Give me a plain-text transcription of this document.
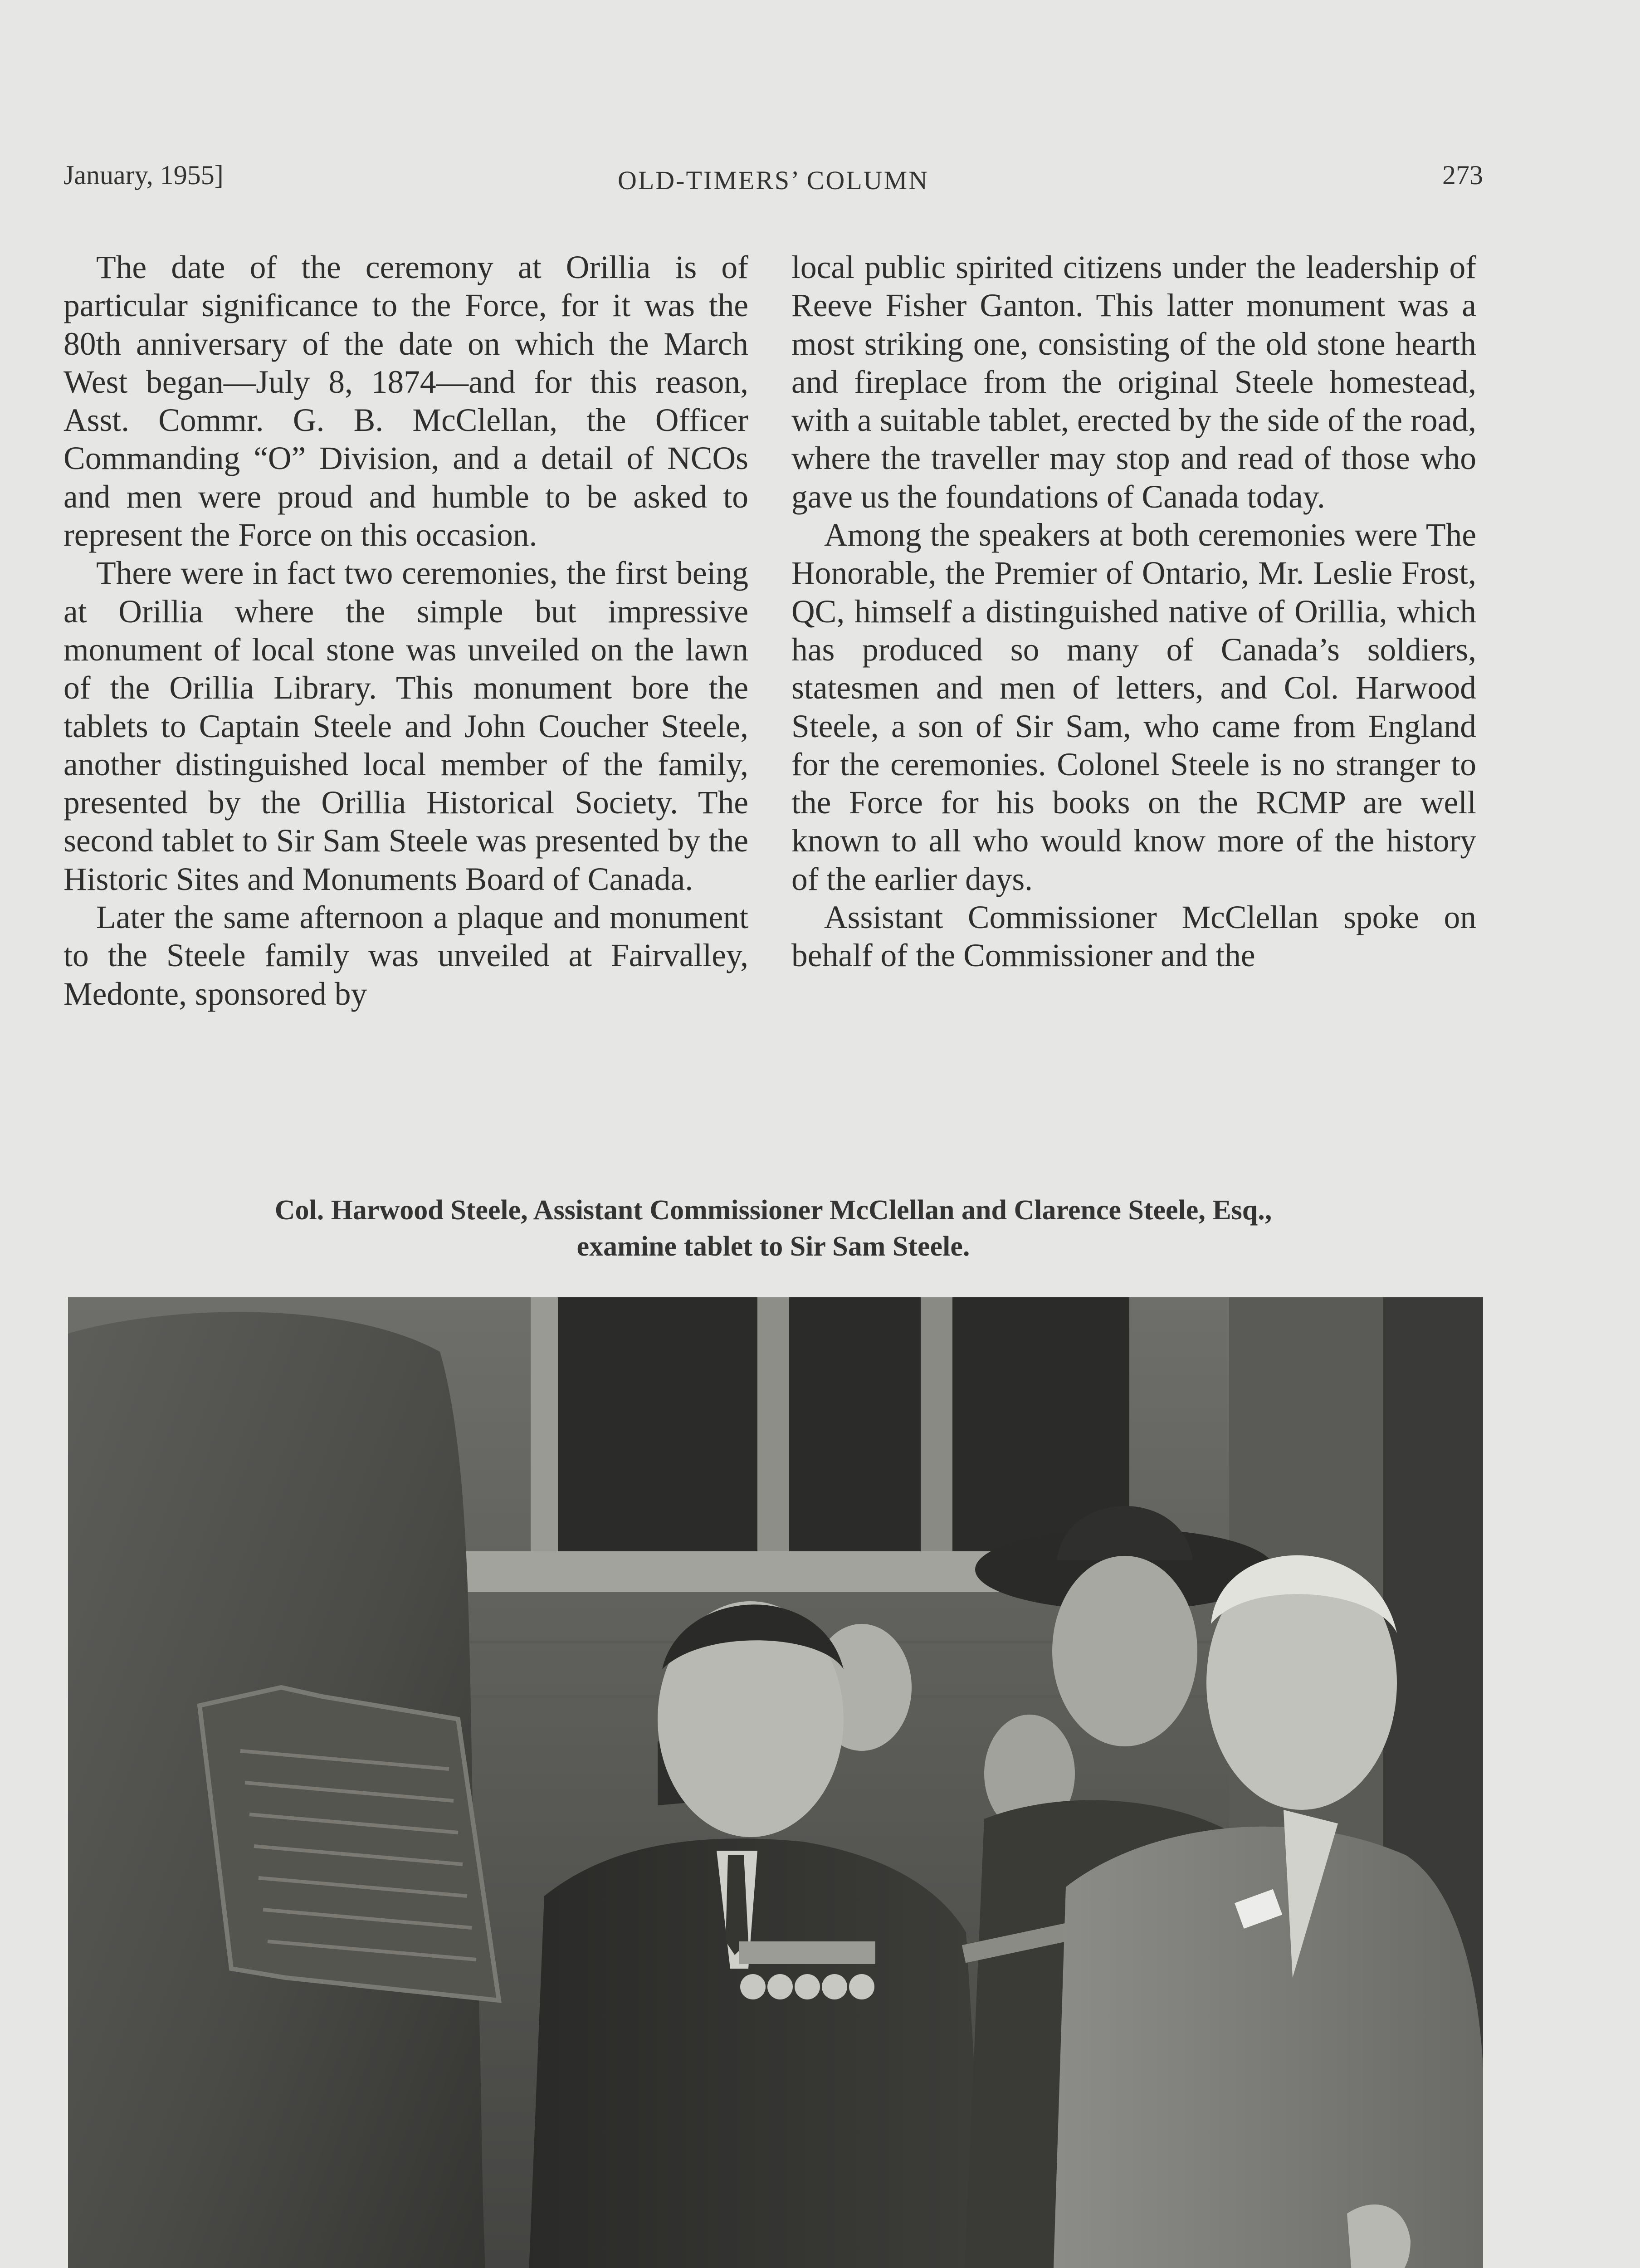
January, 1955]	OLD-TIMERS’ COLUMN	273

The date of the ceremony at Orillia is of particular significance to the Force, for it was the 80th anniversary of the date on which the March West began—July 8, 1874—and for this reason, Asst. Commr. G. B. McClellan, the Officer Commanding “O” Division, and a detail of NCOs and men were proud and humble to be asked to represent the Force on this occasion.

There were in fact two ceremonies, the first being at Orillia where the simple but impressive monument of local stone was unveiled on the lawn of the Orillia Library. This monument bore the tablets to Captain Steele and John Coucher Steele, another distinguished local member of the family, presented by the Orillia Historical Society. The second tablet to Sir Sam Steele was presented by the Historic Sites and Monuments Board of Canada.

Later the same afternoon a plaque and monument to the Steele family was unveiled at Fairvalley, Medonte, sponsored by

local public spirited citizens under the leadership of Reeve Fisher Ganton. This latter monument was a most striking one, consisting of the old stone hearth and fireplace from the original Steele homestead, with a suitable tablet, erected by the side of the road, where the traveller may stop and read of those who gave us the foundations of Canada today.

Among the speakers at both ceremonies were The Honorable, the Premier of Ontario, Mr. Leslie Frost, QC, himself a distinguished native of Orillia, which has produced so many of Canada’s soldiers, statesmen and men of letters, and Col. Harwood Steele, a son of Sir Sam, who came from England for the ceremonies. Colonel Steele is no stranger to the Force for his books on the RCMP are well known to all who would know more of the history of the earlier days.

Assistant Commissioner McClellan spoke on behalf of the Commissioner and the

Col. Harwood Steele, Assistant Commissioner McClellan and Clarence Steele, Esq.,
examine tablet to Sir Sam Steele.
